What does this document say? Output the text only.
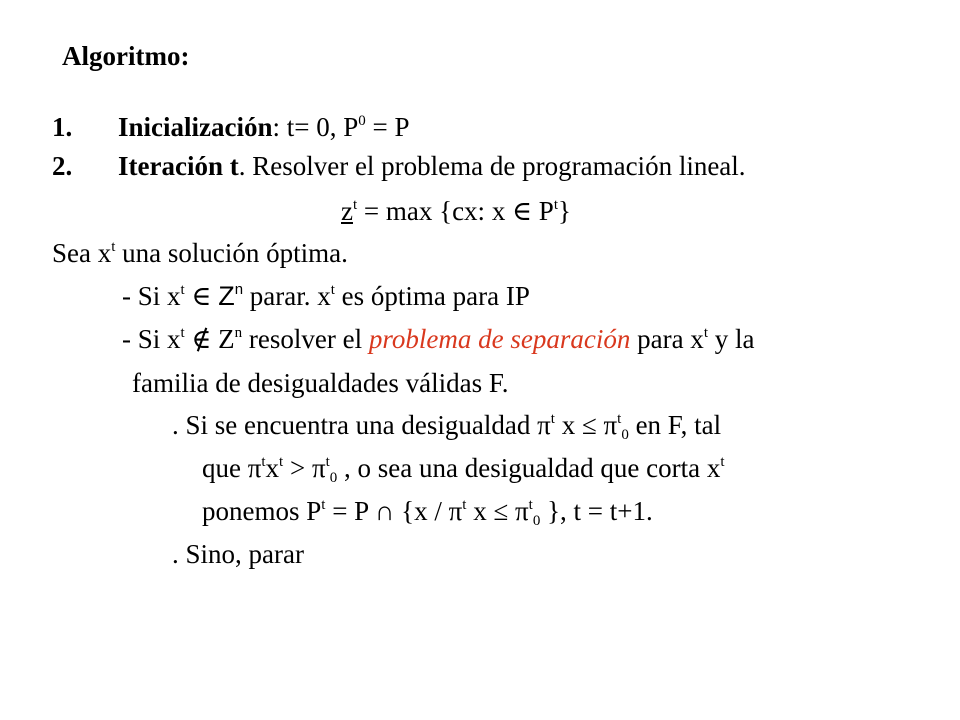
Algoritmo:
1. Inicialización: t= 0, $P^0 = P$
2. Iteración t. Resolver el problema de programación lineal.
$z^t = \max \{cx$: x ∈ $P^t$}
Sea $x^t$ una solución óptima.
- Si $x^t$ ∈ $Z^n$ parar. $x^t$ es óptima para IP
- Si $x^t$ ∉ $Z^n$ resolver el problema de separación para $x^t$ y la
familia de desigualdades válidas F.
. Si se encuentra una desigualdad $\pi^t$ $x \le \pi^t_0$ en F, tal
que $\pi^tx^t > \pi^t_0$ , o sea una desigualdad que corta $x^t$
ponemos $P^t = P$ ∩ {$x / \pi^t$ $x \le \pi^t_0$ }, t = t+1.
. Sino, parar
